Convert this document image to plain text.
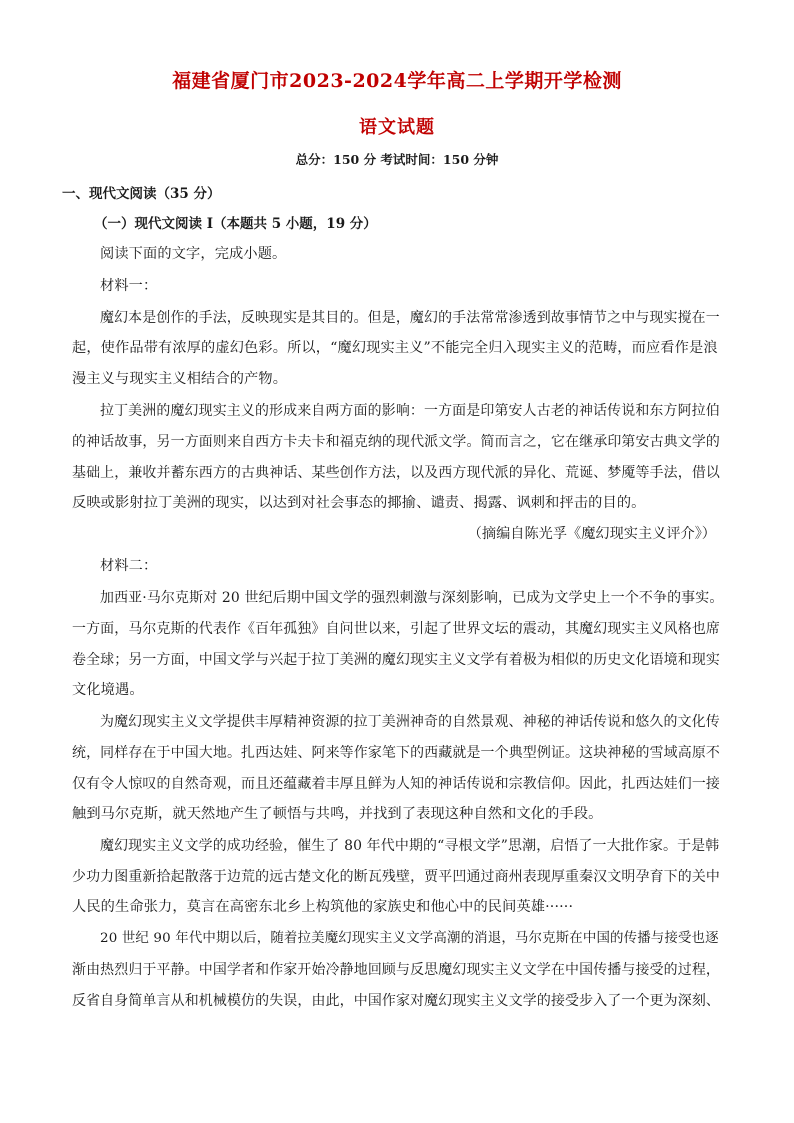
福建省厦门市2023-2024学年高二上学期开学检测
语文试题
总分：150 分 考试时间：150 分钟
一、现代文阅读（35 分）
（一）现代文阅读 I（本题共 5 小题，19 分）
阅读下面的文字，完成小题。
材料一：
魔幻本是创作的手法，反映现实是其目的。但是，魔幻的手法常常渗透到故事情节之中与现实搅在一
起，使作品带有浓厚的虚幻色彩。所以，“魔幻现实主义”不能完全归入现实主义的范畴，而应看作是浪
漫主义与现实主义相结合的产物。
拉丁美洲的魔幻现实主义的形成来自两方面的影响：一方面是印第安人古老的神话传说和东方阿拉伯
的神话故事，另一方面则来自西方卡夫卡和福克纳的现代派文学。简而言之，它在继承印第安古典文学的
基础上，兼收并蓄东西方的古典神话、某些创作方法，以及西方现代派的异化、荒诞、梦魇等手法，借以
反映或影射拉丁美洲的现实，以达到对社会事态的揶揄、谴责、揭露、讽刺和抨击的目的。
（摘编自陈光孚《魔幻现实主义评介》）
材料二：
加西亚·马尔克斯对 20 世纪后期中国文学的强烈刺激与深刻影响，已成为文学史上一个不争的事实。
一方面，马尔克斯的代表作《百年孤独》自问世以来，引起了世界文坛的震动，其魔幻现实主义风格也席
卷全球；另一方面，中国文学与兴起于拉丁美洲的魔幻现实主义文学有着极为相似的历史文化语境和现实
文化境遇。
为魔幻现实主义文学提供丰厚精神资源的拉丁美洲神奇的自然景观、神秘的神话传说和悠久的文化传
统，同样存在于中国大地。扎西达娃、阿来等作家笔下的西藏就是一个典型例证。这块神秘的雪域高原不
仅有令人惊叹的自然奇观，而且还蕴藏着丰厚且鲜为人知的神话传说和宗教信仰。因此，扎西达娃们一接
触到马尔克斯，就天然地产生了顿悟与共鸣，并找到了表现这种自然和文化的手段。
魔幻现实主义文学的成功经验，催生了 80 年代中期的“寻根文学”思潮，启悟了一大批作家。于是韩
少功力图重新拾起散落于边荒的远古楚文化的断瓦残壁，贾平凹通过商州表现厚重秦汉文明孕育下的关中
人民的生命张力，莫言在高密东北乡上构筑他的家族史和他心中的民间英雄······
20 世纪 90 年代中期以后，随着拉美魔幻现实主义文学高潮的消退，马尔克斯在中国的传播与接受也逐
渐由热烈归于平静。中国学者和作家开始冷静地回顾与反思魔幻现实主义文学在中国传播与接受的过程，
反省自身简单言从和机械模仿的失误，由此，中国作家对魔幻现实主义文学的接受步入了一个更为深刻、
